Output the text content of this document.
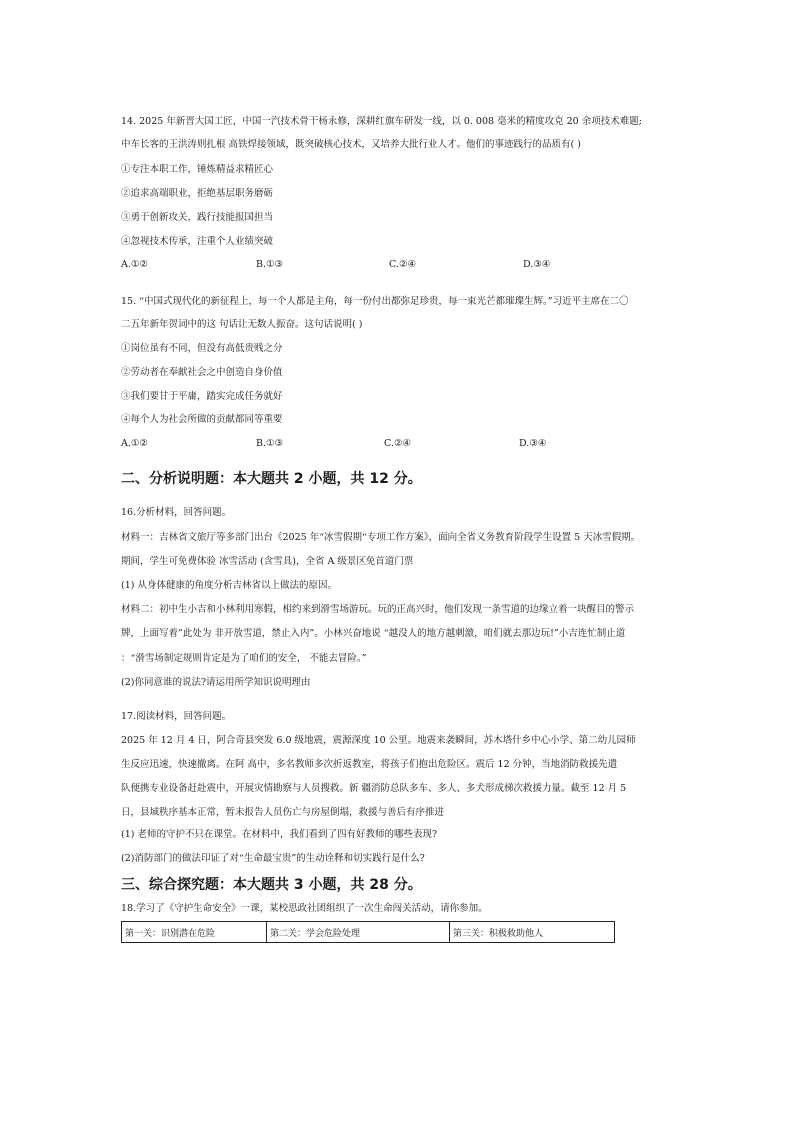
14. 2025 年新晋大国工匠，中国一汽技术骨干杨永修，深耕红旗车研发一线，以 0. 008 毫米的精度攻克 20 余项技术难题;
中车长客的王洪涛则扎根 高铁焊接领域，既突破核心技术，又培养大批行业人才。他们的事迹践行的品质有( )
①专注本职工作，锤炼精益求精匠心
②追求高端职业，拒绝基层职务磨砺
③勇于创新攻关，践行技能报国担当
④忽视技术传承，注重个人业绩突破
A.①②	B.①③	C.②④	D.③④
15. “中国式现代化的新征程上，每一个人都是主角，每一份付出都弥足珍贵，每一束光芒都璀璨生辉。”习近平主席在二〇
二五年新年贺词中的这 句话让无数人振奋。这句话说明( )
①岗位虽有不同，但没有高低贵贱之分
②劳动者在奉献社会之中创造自身价值
③我们要甘于平庸，踏实完成任务就好
④每个人为社会所做的贡献都同等重要
A.①②	B.①③	C.②④	D.③④
二、分析说明题：本大题共 2 小题，共 12 分。
16.分析材料，回答问题。
材料一：吉林省文旅厅等多部门出台《2025 年“冰雪假期“专项工作方案》，面向全省义务教育阶段学生设置 5 天冰雪假期。
期间，学生可免费体验 冰雪活动 (含雪具)，全省 A 级景区免首道门票
(1) 从身体健康的角度分析吉林省以上做法的原因。
材料二：初中生小吉和小林利用寒假，相约来到滑雪场游玩。玩的正高兴时，他们发现一条雪道的边缘立着一块醒目的警示
牌，上面写着”此处为 非开放雪道，禁止入内”。小林兴奋地说 “越没人的地方越刺激，咱们就去那边玩!”小吉连忙制止道
：“滑雪场制定规则肯定是为了咱们的安全， 不能去冒险。”
(2)你同意谁的说法?请运用所学知识说明理由
17.阅读材料，回答问题。
2025 年 12 月 4 日，阿合奇县突发 6.0 级地震，震源深度 10 公里。地震来袭瞬间，苏木塔什乡中心小学、第二幼儿园师
生反应迅速，快速撤离。在阿 高中，多名教师多次折返教室，将孩子们抱出危险区。震后 12 分钟，当地消防救援先遣
队便携专业设备赶赴震中，开展灾情勘察与人员搜救。新 疆消防总队多车、多人、多犬形成梯次救援力量。截至 12 月 5
日，县域秩序基本正常，暂未报告人员伤亡与房屋倒塌，救援与善后有序推进
(1) 老师的守护不只在课堂。在材料中，我们看到了四有好教师的哪些表现?
(2)消防部门的做法印证了对“生命最宝贵”的生动诠释和切实践行是什么?
三、综合探究题：本大题共 3 小题，共 28 分。
18.学习了《守护生命安全》一课，某校思政社团组织了一次生命闯关活动，请你参加。
第一关：识别潜在危险	第二关：学会危险处理	第三关：积极救助他人
